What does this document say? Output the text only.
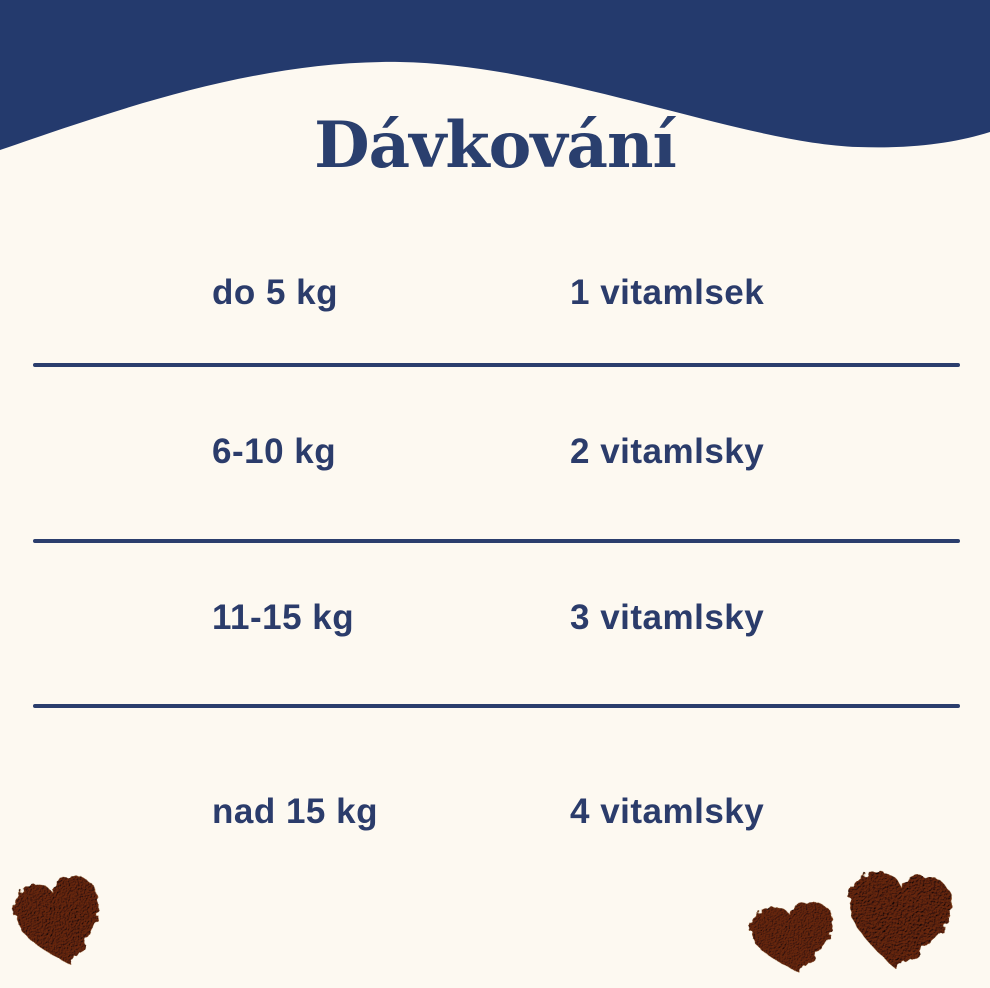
Dávkování
do 5 kg	1 vitamlsek
6-10 kg	2 vitamlsky
11-15 kg	3 vitamlsky
nad 15 kg	4 vitamlsky
